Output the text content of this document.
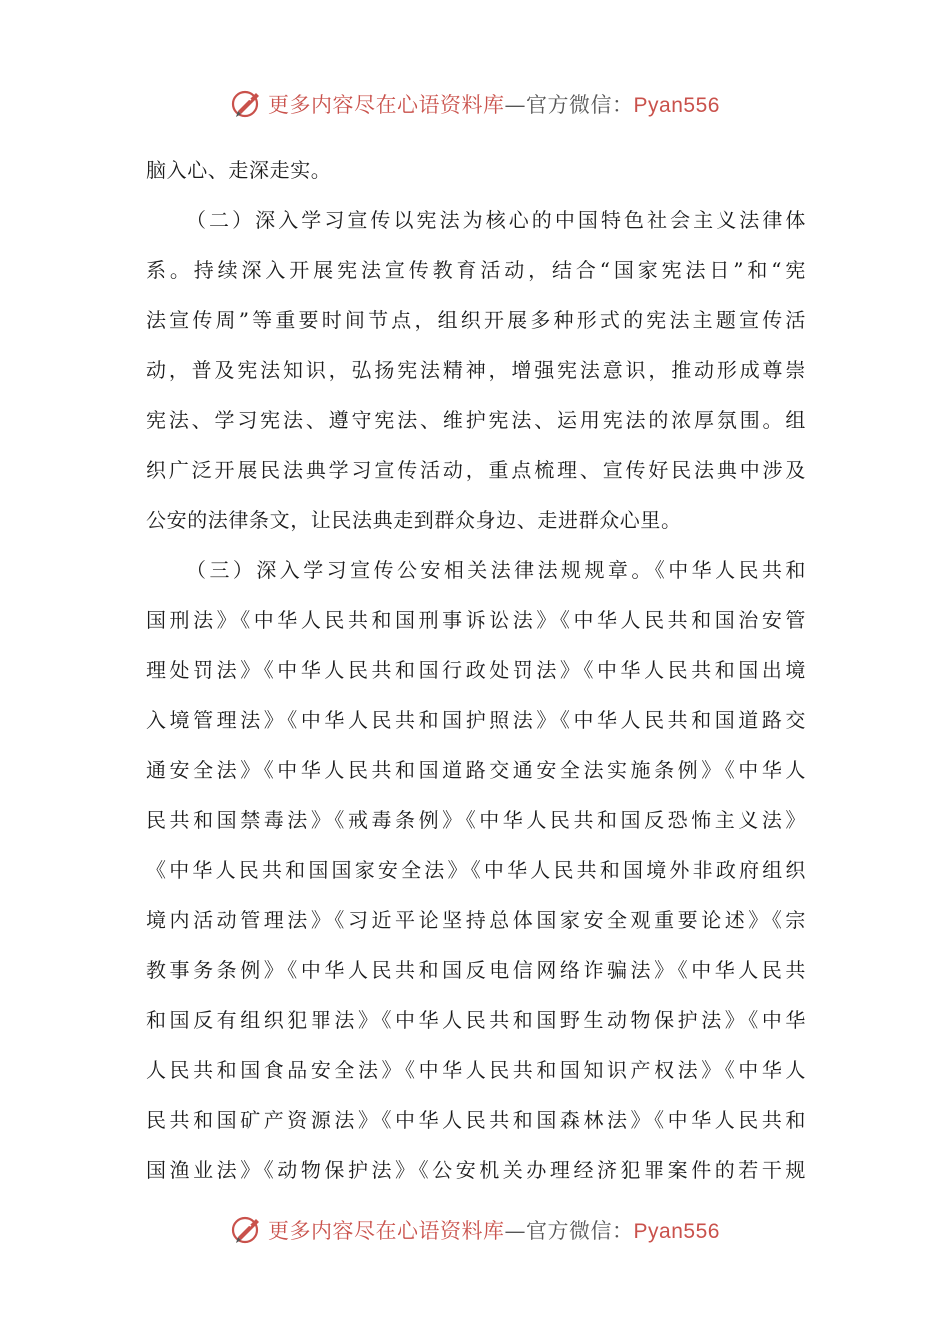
更多内容尽在心语资料库—官方微信：Pyan556
脑入心、走深走实。
（二）深入学习宣传以宪法为核心的中国特色社会主义法律体
系。持续深入开展宪法宣传教育活动，结合“国家宪法日”和“宪
法宣传周”等重要时间节点，组织开展多种形式的宪法主题宣传活
动，普及宪法知识，弘扬宪法精神，增强宪法意识，推动形成尊崇
宪法、学习宪法、遵守宪法、维护宪法、运用宪法的浓厚氛围。组
织广泛开展民法典学习宣传活动，重点梳理、宣传好民法典中涉及
公安的法律条文，让民法典走到群众身边、走进群众心里。
（三）深入学习宣传公安相关法律法规规章。《中华人民共和
国刑法》《中华人民共和国刑事诉讼法》《中华人民共和国治安管
理处罚法》《中华人民共和国行政处罚法》《中华人民共和国出境
入境管理法》《中华人民共和国护照法》《中华人民共和国道路交
通安全法》《中华人民共和国道路交通安全法实施条例》《中华人
民共和国禁毒法》《戒毒条例》《中华人民共和国反恐怖主义法》
《中华人民共和国国家安全法》《中华人民共和国境外非政府组织
境内活动管理法》《习近平论坚持总体国家安全观重要论述》《宗
教事务条例》《中华人民共和国反电信网络诈骗法》《中华人民共
和国反有组织犯罪法》《中华人民共和国野生动物保护法》《中华
人民共和国食品安全法》《中华人民共和国知识产权法》《中华人
民共和国矿产资源法》《中华人民共和国森林法》《中华人民共和
国渔业法》《动物保护法》《公安机关办理经济犯罪案件的若干规
更多内容尽在心语资料库—官方微信：Pyan556
